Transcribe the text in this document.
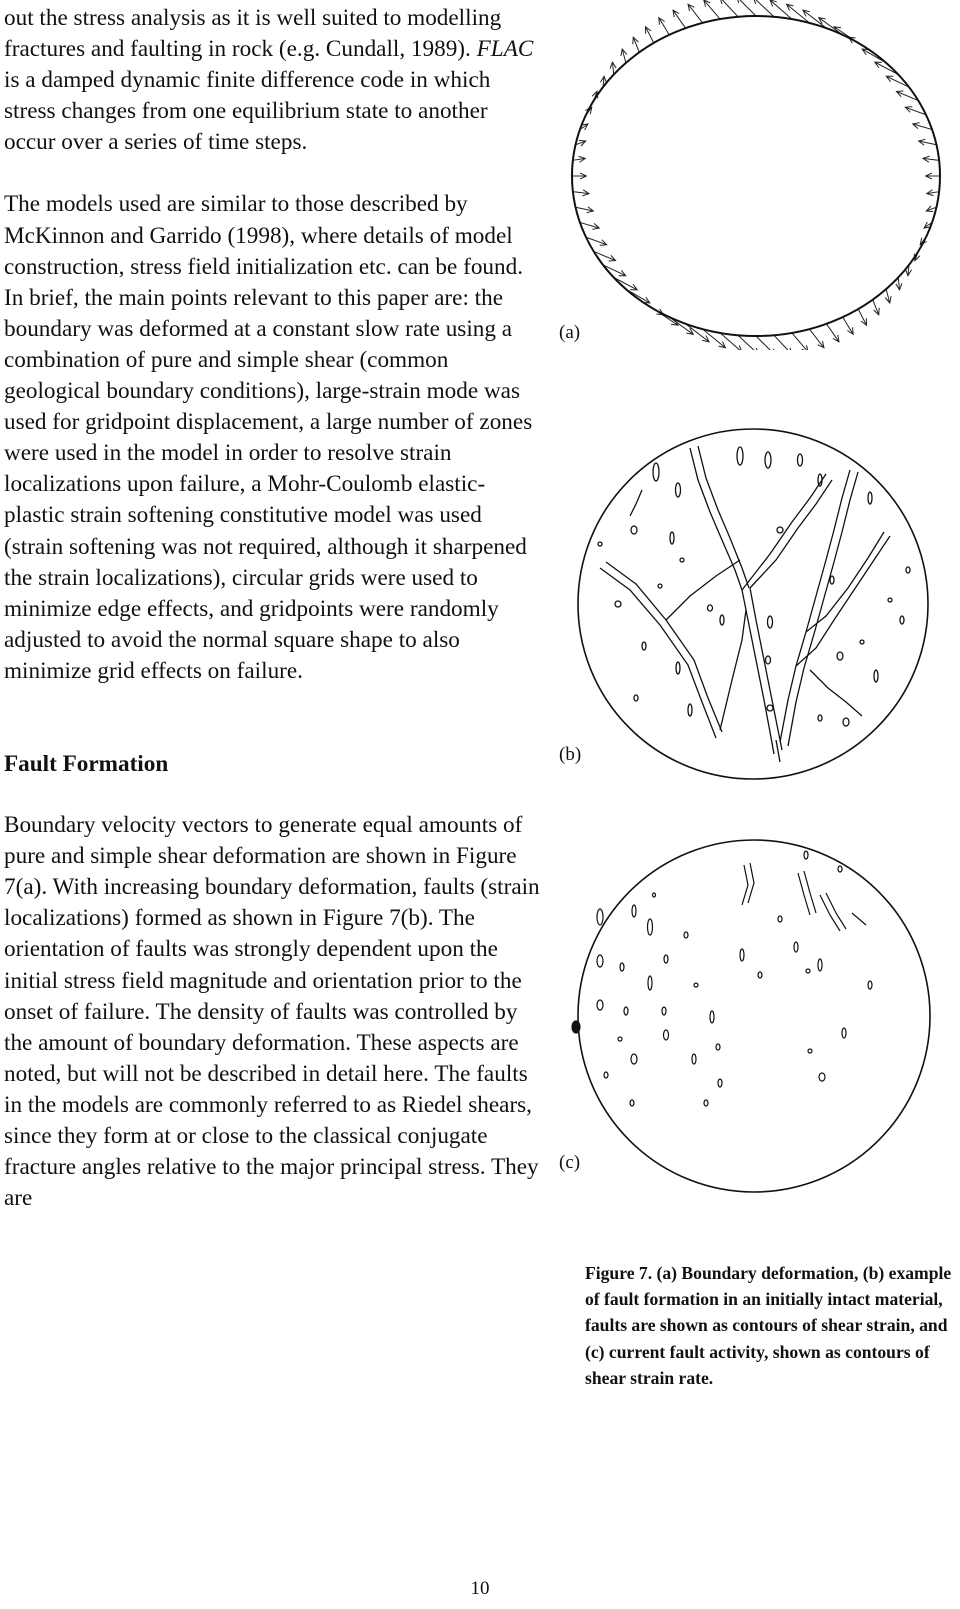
out the stress analysis as it is well suited to modelling fractures and faulting in rock (e.g. Cundall, 1989). FLAC is a damped dynamic finite difference code in which stress changes from one equilibrium state to another occur over a series of time steps.

The models used are similar to those described by McKinnon and Garrido (1998), where details of model construction, stress field initialization etc. can be found. In brief, the main points relevant to this paper are: the boundary was deformed at a constant slow rate using a combination of pure and simple shear (common geological boundary conditions), large-strain mode was used for gridpoint displacement, a large number of zones were used in the model in order to resolve strain localizations upon failure, a Mohr-Coulomb elastic-plastic strain softening constitutive model was used (strain softening was not required, although it sharpened the strain localizations), circular grids were used to minimize edge effects, and gridpoints were randomly adjusted to avoid the normal square shape to also minimize grid effects on failure.

Fault Formation

Boundary velocity vectors to generate equal amounts of pure and simple shear deformation are shown in Figure 7(a). With increasing boundary deformation, faults (strain localizations) formed as shown in Figure 7(b). The orientation of faults was strongly dependent upon the initial stress field magnitude and orientation prior to the onset of failure. The density of faults was controlled by the amount of boundary deformation. These aspects are noted, but will not be described in detail here. The faults in the models are commonly referred to as Riedel shears, since they form at or close to the classical conjugate fracture angles relative to the major principal stress. They are

(a)
(b)
(c)
Figure 7. (a) Boundary deformation, (b) example of fault formation in an initially intact material, faults are shown as contours of shear strain, and (c) current fault activity, shown as contours of shear strain rate.
10
